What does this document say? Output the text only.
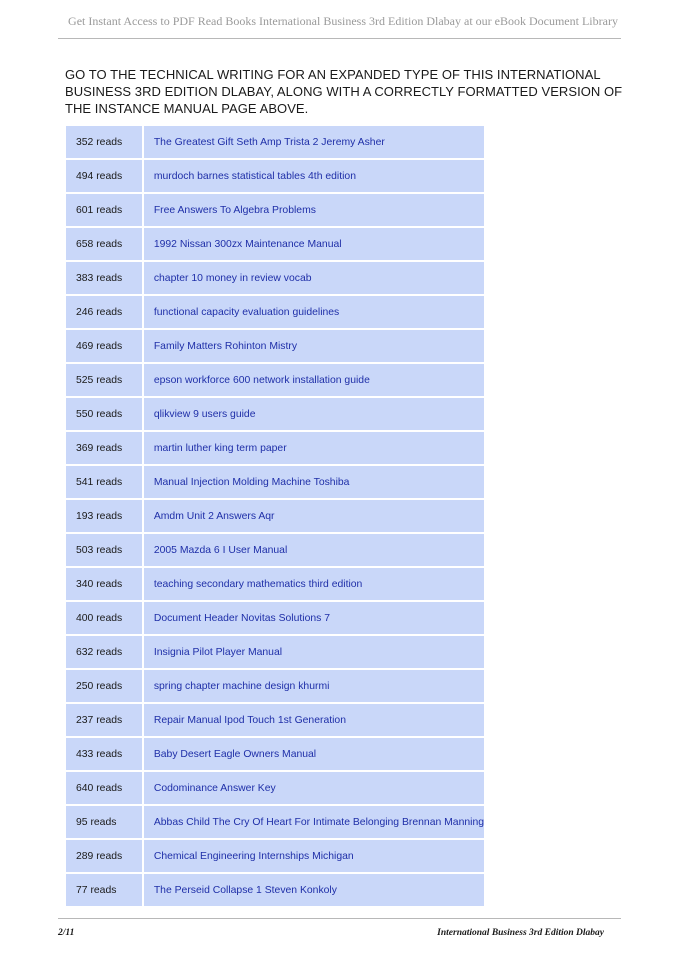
Get Instant Access to PDF Read Books International Business 3rd Edition Dlabay at our eBook Document Library
GO TO THE TECHNICAL WRITING FOR AN EXPANDED TYPE OF THIS INTERNATIONAL BUSINESS 3RD EDITION DLABAY, ALONG WITH A CORRECTLY FORMATTED VERSION OF THE INSTANCE MANUAL PAGE ABOVE.
352 reads	The Greatest Gift Seth Amp Trista 2 Jeremy Asher
494 reads	murdoch barnes statistical tables 4th edition
601 reads	Free Answers To Algebra Problems
658 reads	1992 Nissan 300zx Maintenance Manual
383 reads	chapter 10 money in review vocab
246 reads	functional capacity evaluation guidelines
469 reads	Family Matters Rohinton Mistry
525 reads	epson workforce 600 network installation guide
550 reads	qlikview 9 users guide
369 reads	martin luther king term paper
541 reads	Manual Injection Molding Machine Toshiba
193 reads	Amdm Unit 2 Answers Aqr
503 reads	2005 Mazda 6 I User Manual
340 reads	teaching secondary mathematics third edition
400 reads	Document Header Novitas Solutions 7
632 reads	Insignia Pilot Player Manual
250 reads	spring chapter machine design khurmi
237 reads	Repair Manual Ipod Touch 1st Generation
433 reads	Baby Desert Eagle Owners Manual
640 reads	Codominance Answer Key
95 reads	Abbas Child The Cry Of Heart For Intimate Belonging Brennan Manning
289 reads	Chemical Engineering Internships Michigan
77 reads	The Perseid Collapse 1 Steven Konkoly
2/11	International Business 3rd Edition Dlabay
